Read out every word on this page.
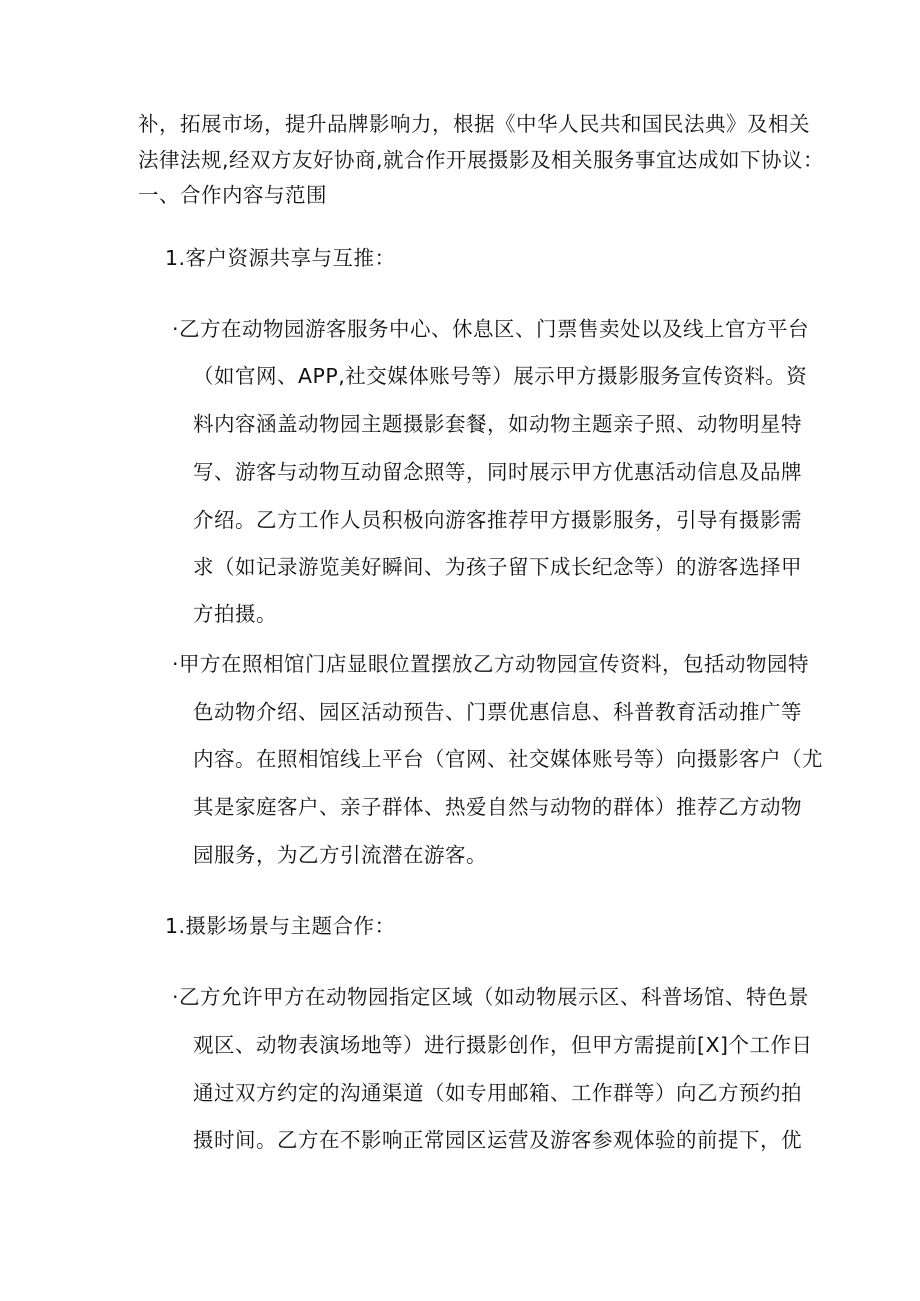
补，拓展市场，提升品牌影响力，根据《中华人民共和国民法典》及相关
法律法规,经双方友好协商,就合作开展摄影及相关服务事宜达成如下协议：
一、合作内容与范围
1.客户资源共享与互推：
·乙方在动物园游客服务中心、休息区、门票售卖处以及线上官方平台
（如官网、APP,社交媒体账号等）展示甲方摄影服务宣传资料。资
料内容涵盖动物园主题摄影套餐，如动物主题亲子照、动物明星特
写、游客与动物互动留念照等，同时展示甲方优惠活动信息及品牌
介绍。乙方工作人员积极向游客推荐甲方摄影服务，引导有摄影需
求（如记录游览美好瞬间、为孩子留下成长纪念等）的游客选择甲
方拍摄。
·甲方在照相馆门店显眼位置摆放乙方动物园宣传资料，包括动物园特
色动物介绍、园区活动预告、门票优惠信息、科普教育活动推广等
内容。在照相馆线上平台（官网、社交媒体账号等）向摄影客户（尤
其是家庭客户、亲子群体、热爱自然与动物的群体）推荐乙方动物
园服务，为乙方引流潜在游客。
1.摄影场景与主题合作：
·乙方允许甲方在动物园指定区域（如动物展示区、科普场馆、特色景
观区、动物表演场地等）进行摄影创作，但甲方需提前[X]个工作日
通过双方约定的沟通渠道（如专用邮箱、工作群等）向乙方预约拍
摄时间。乙方在不影响正常园区运营及游客参观体验的前提下，优
